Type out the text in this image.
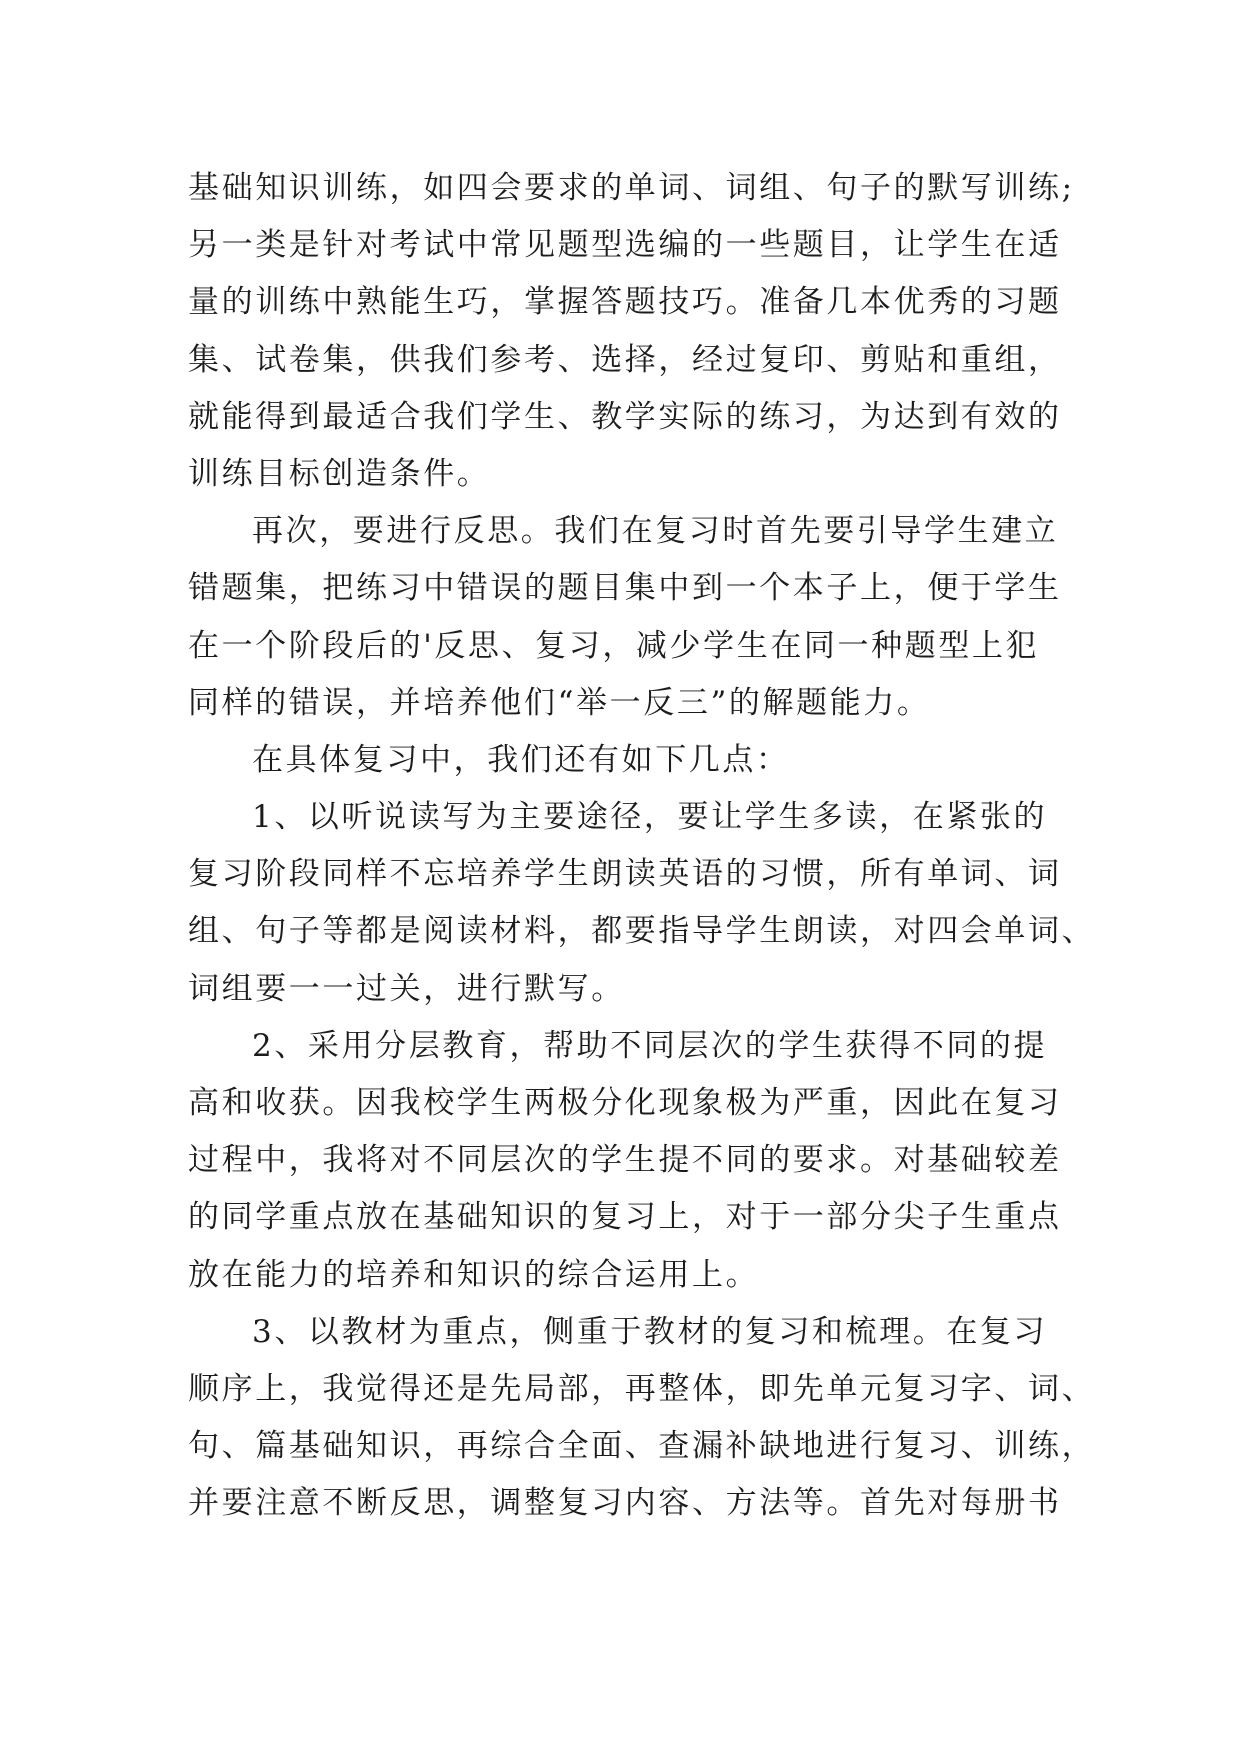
基础知识训练，如四会要求的单词、词组、句子的默写训练;
另一类是针对考试中常见题型选编的一些题目，让学生在适
量的训练中熟能生巧，掌握答题技巧。准备几本优秀的习题
集、试卷集，供我们参考、选择，经过复印、剪贴和重组，
就能得到最适合我们学生、教学实际的练习，为达到有效的
训练目标创造条件。
再次，要进行反思。我们在复习时首先要引导学生建立
错题集，把练习中错误的题目集中到一个本子上，便于学生
在一个阶段后的'反思、复习，减少学生在同一种题型上犯
同样的错误，并培养他们“举一反三”的解题能力。
在具体复习中，我们还有如下几点：
1、以听说读写为主要途径，要让学生多读，在紧张的
复习阶段同样不忘培养学生朗读英语的习惯，所有单词、词
组、句子等都是阅读材料，都要指导学生朗读，对四会单词、
词组要一一过关，进行默写。
2、采用分层教育，帮助不同层次的学生获得不同的提
高和收获。因我校学生两极分化现象极为严重，因此在复习
过程中，我将对不同层次的学生提不同的要求。对基础较差
的同学重点放在基础知识的复习上，对于一部分尖子生重点
放在能力的培养和知识的综合运用上。
3、以教材为重点，侧重于教材的复习和梳理。在复习
顺序上，我觉得还是先局部，再整体，即先单元复习字、词、
句、篇基础知识，再综合全面、查漏补缺地进行复习、训练，
并要注意不断反思，调整复习内容、方法等。首先对每册书
